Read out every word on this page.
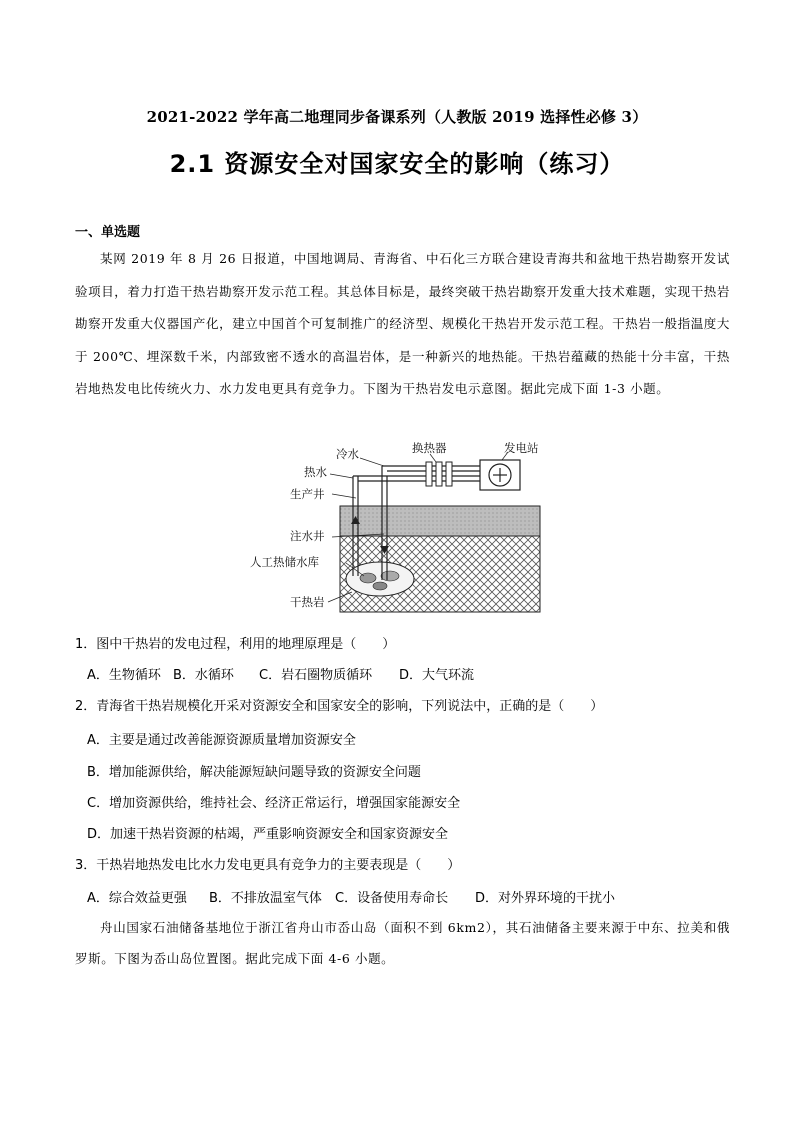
2021-2022 学年高二地理同步备课系列（人教版 2019 选择性必修 3）
2.1 资源安全对国家安全的影响（练习）
一、单选题
某网 2019 年 8 月 26 日报道，中国地调局、青海省、中石化三方联合建设青海共和盆地干热岩勘察开发试验项目，着力打造干热岩勘察开发示范工程。其总体目标是，最终突破干热岩勘察开发重大技术难题，实现干热岩勘察开发重大仪器国产化，建立中国首个可复制推广的经济型、规模化干热岩开发示范工程。干热岩一般指温度大于 200℃、埋深数千米，内部致密不透水的高温岩体，是一种新兴的地热能。干热岩蕴藏的热能十分丰富，干热岩地热发电比传统火力、水力发电更具有竞争力。下图为干热岩发电示意图。据此完成下面 1-3 小题。
冷水	换热器	发电站
热水
生产井
注水井
人工热储水库
干热岩
1．图中干热岩的发电过程，利用的地理原理是（　　）
A．生物循环 B．水循环 C．岩石圈物质循环 D．大气环流
2．青海省干热岩规模化开采对资源安全和国家安全的影响，下列说法中，正确的是（　　）
A．主要是通过改善能源资源质量增加资源安全
B．增加能源供给，解决能源短缺问题导致的资源安全问题
C．增加资源供给，维持社会、经济正常运行，增强国家能源安全
D．加速干热岩资源的枯竭，严重影响资源安全和国家资源安全
3．干热岩地热发电比水力发电更具有竞争力的主要表现是（　　）
A．综合效益更强 B．不排放温室气体 C．设备使用寿命长 D．对外界环境的干扰小
舟山国家石油储备基地位于浙江省舟山市岙山岛（面积不到 6km2），其石油储备主要来源于中东、拉美和俄罗斯。下图为岙山岛位置图。据此完成下面 4-6 小题。
